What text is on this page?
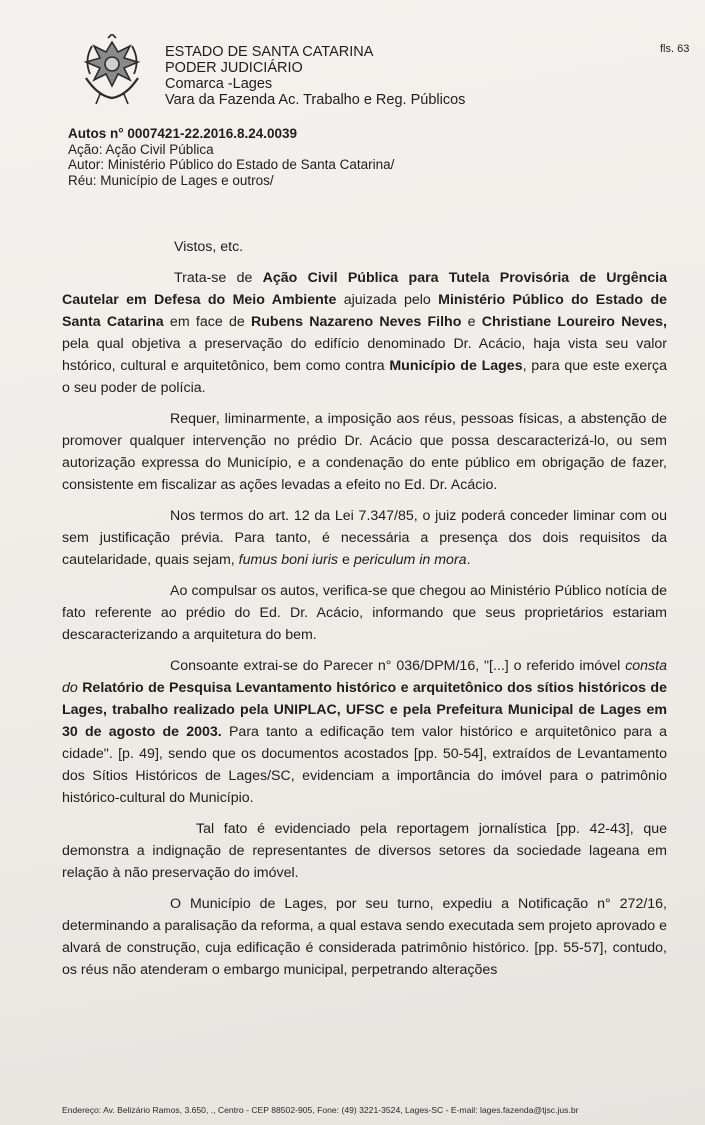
fls. 63
ESTADO DE SANTA CATARINA
PODER JUDICIÁRIO
Comarca -Lages
Vara da Fazenda Ac. Trabalho e Reg. Públicos
Autos n° 0007421-22.2016.8.24.0039
Ação: Ação Civil Pública
Autor: Ministério Público do Estado de Santa Catarina/
Réu: Município de Lages e outros/

Vistos, etc.

Trata-se de Ação Civil Pública para Tutela Provisória de Urgência Cautelar em Defesa do Meio Ambiente ajuizada pelo Ministério Público do Estado de Santa Catarina em face de Rubens Nazareno Neves Filho e Christiane Loureiro Neves, pela qual objetiva a preservação do edifício denominado Dr. Acácio, haja vista seu valor hstórico, cultural e arquitetônico, bem como contra Município de Lages, para que este exerça o seu poder de polícia.

Requer, liminarmente, a imposição aos réus, pessoas físicas, a abstenção de promover qualquer intervenção no prédio Dr. Acácio que possa descaracterizá-lo, ou sem autorização expressa do Município, e a condenação do ente público em obrigação de fazer, consistente em fiscalizar as ações levadas a efeito no Ed. Dr. Acácio.

Nos termos do art. 12 da Lei 7.347/85, o juiz poderá conceder liminar com ou sem justificação prévia. Para tanto, é necessária a presença dos dois requisitos da cautelaridade, quais sejam, fumus boni iuris e periculum in mora.

Ao compulsar os autos, verifica-se que chegou ao Ministério Público notícia de fato referente ao prédio do Ed. Dr. Acácio, informando que seus proprietários estariam descaracterizando a arquitetura do bem.

Consoante extrai-se do Parecer n° 036/DPM/16, "[...] o referido imóvel consta do Relatório de Pesquisa Levantamento histórico e arquitetônico dos sítios históricos de Lages, trabalho realizado pela UNIPLAC, UFSC e pela Prefeitura Municipal de Lages em 30 de agosto de 2003. Para tanto a edificação tem valor histórico e arquitetônico para a cidade". [p. 49], sendo que os documentos acostados [pp. 50-54], extraídos de Levantamento dos Sítios Históricos de Lages/SC, evidenciam a importância do imóvel para o patrimônio histórico-cultural do Município.

Tal fato é evidenciado pela reportagem jornalística [pp. 42-43], que demonstra a indignação de representantes de diversos setores da sociedade lageana em relação à não preservação do imóvel.

O Município de Lages, por seu turno, expediu a Notificação n° 272/16, determinando a paralisação da reforma, a qual estava sendo executada sem projeto aprovado e alvará de construção, cuja edificação é considerada patrimônio histórico. [pp. 55-57], contudo, os réus não atenderam o embargo municipal, perpetrando alterações

Endereço: Av. Belizário Ramos, 3.650, ., Centro - CEP 88502-905, Fone: (49) 3221-3524, Lages-SC - E-mail: lages.fazenda@tjsc.jus.br
